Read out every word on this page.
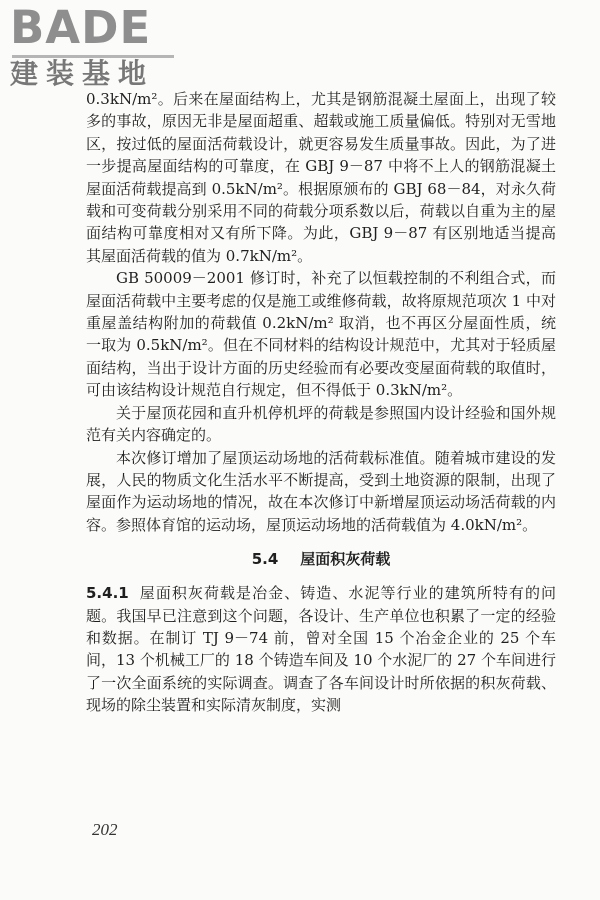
BADE
建装基地

0.3kN/m²。后来在屋面结构上，尤其是钢筋混凝土屋面上，出现了较多的事故，原因无非是屋面超重、超载或施工质量偏低。特别对无雪地区，按过低的屋面活荷载设计，就更容易发生质量事故。因此，为了进一步提高屋面结构的可靠度，在 GBJ 9－87 中将不上人的钢筋混凝土屋面活荷载提高到 0.5kN/m²。根据原颁布的 GBJ 68－84，对永久荷载和可变荷载分别采用不同的荷载分项系数以后，荷载以自重为主的屋面结构可靠度相对又有所下降。为此，GBJ 9－87 有区别地适当提高其屋面活荷载的值为 0.7kN/m²。

GB 50009－2001 修订时，补充了以恒载控制的不利组合式，而屋面活荷载中主要考虑的仅是施工或维修荷载，故将原规范项次 1 中对重屋盖结构附加的荷载值 0.2kN/m² 取消，也不再区分屋面性质，统一取为 0.5kN/m²。但在不同材料的结构设计规范中，尤其对于轻质屋面结构，当出于设计方面的历史经验而有必要改变屋面荷载的取值时，可由该结构设计规范自行规定，但不得低于 0.3kN/m²。

关于屋顶花园和直升机停机坪的荷载是参照国内设计经验和国外规范有关内容确定的。

本次修订增加了屋顶运动场地的活荷载标准值。随着城市建设的发展，人民的物质文化生活水平不断提高，受到土地资源的限制，出现了屋面作为运动场地的情况，故在本次修订中新增屋顶运动场活荷载的内容。参照体育馆的运动场，屋顶运动场地的活荷载值为 4.0kN/m²。

5.4 屋面积灰荷载

5.4.1 屋面积灰荷载是冶金、铸造、水泥等行业的建筑所特有的问题。我国早已注意到这个问题，各设计、生产单位也积累了一定的经验和数据。在制订 TJ 9－74 前，曾对全国 15 个冶金企业的 25 个车间，13 个机械工厂的 18 个铸造车间及 10 个水泥厂的 27 个车间进行了一次全面系统的实际调查。调查了各车间设计时所依据的积灰荷载、现场的除尘装置和实际清灰制度，实测

202
